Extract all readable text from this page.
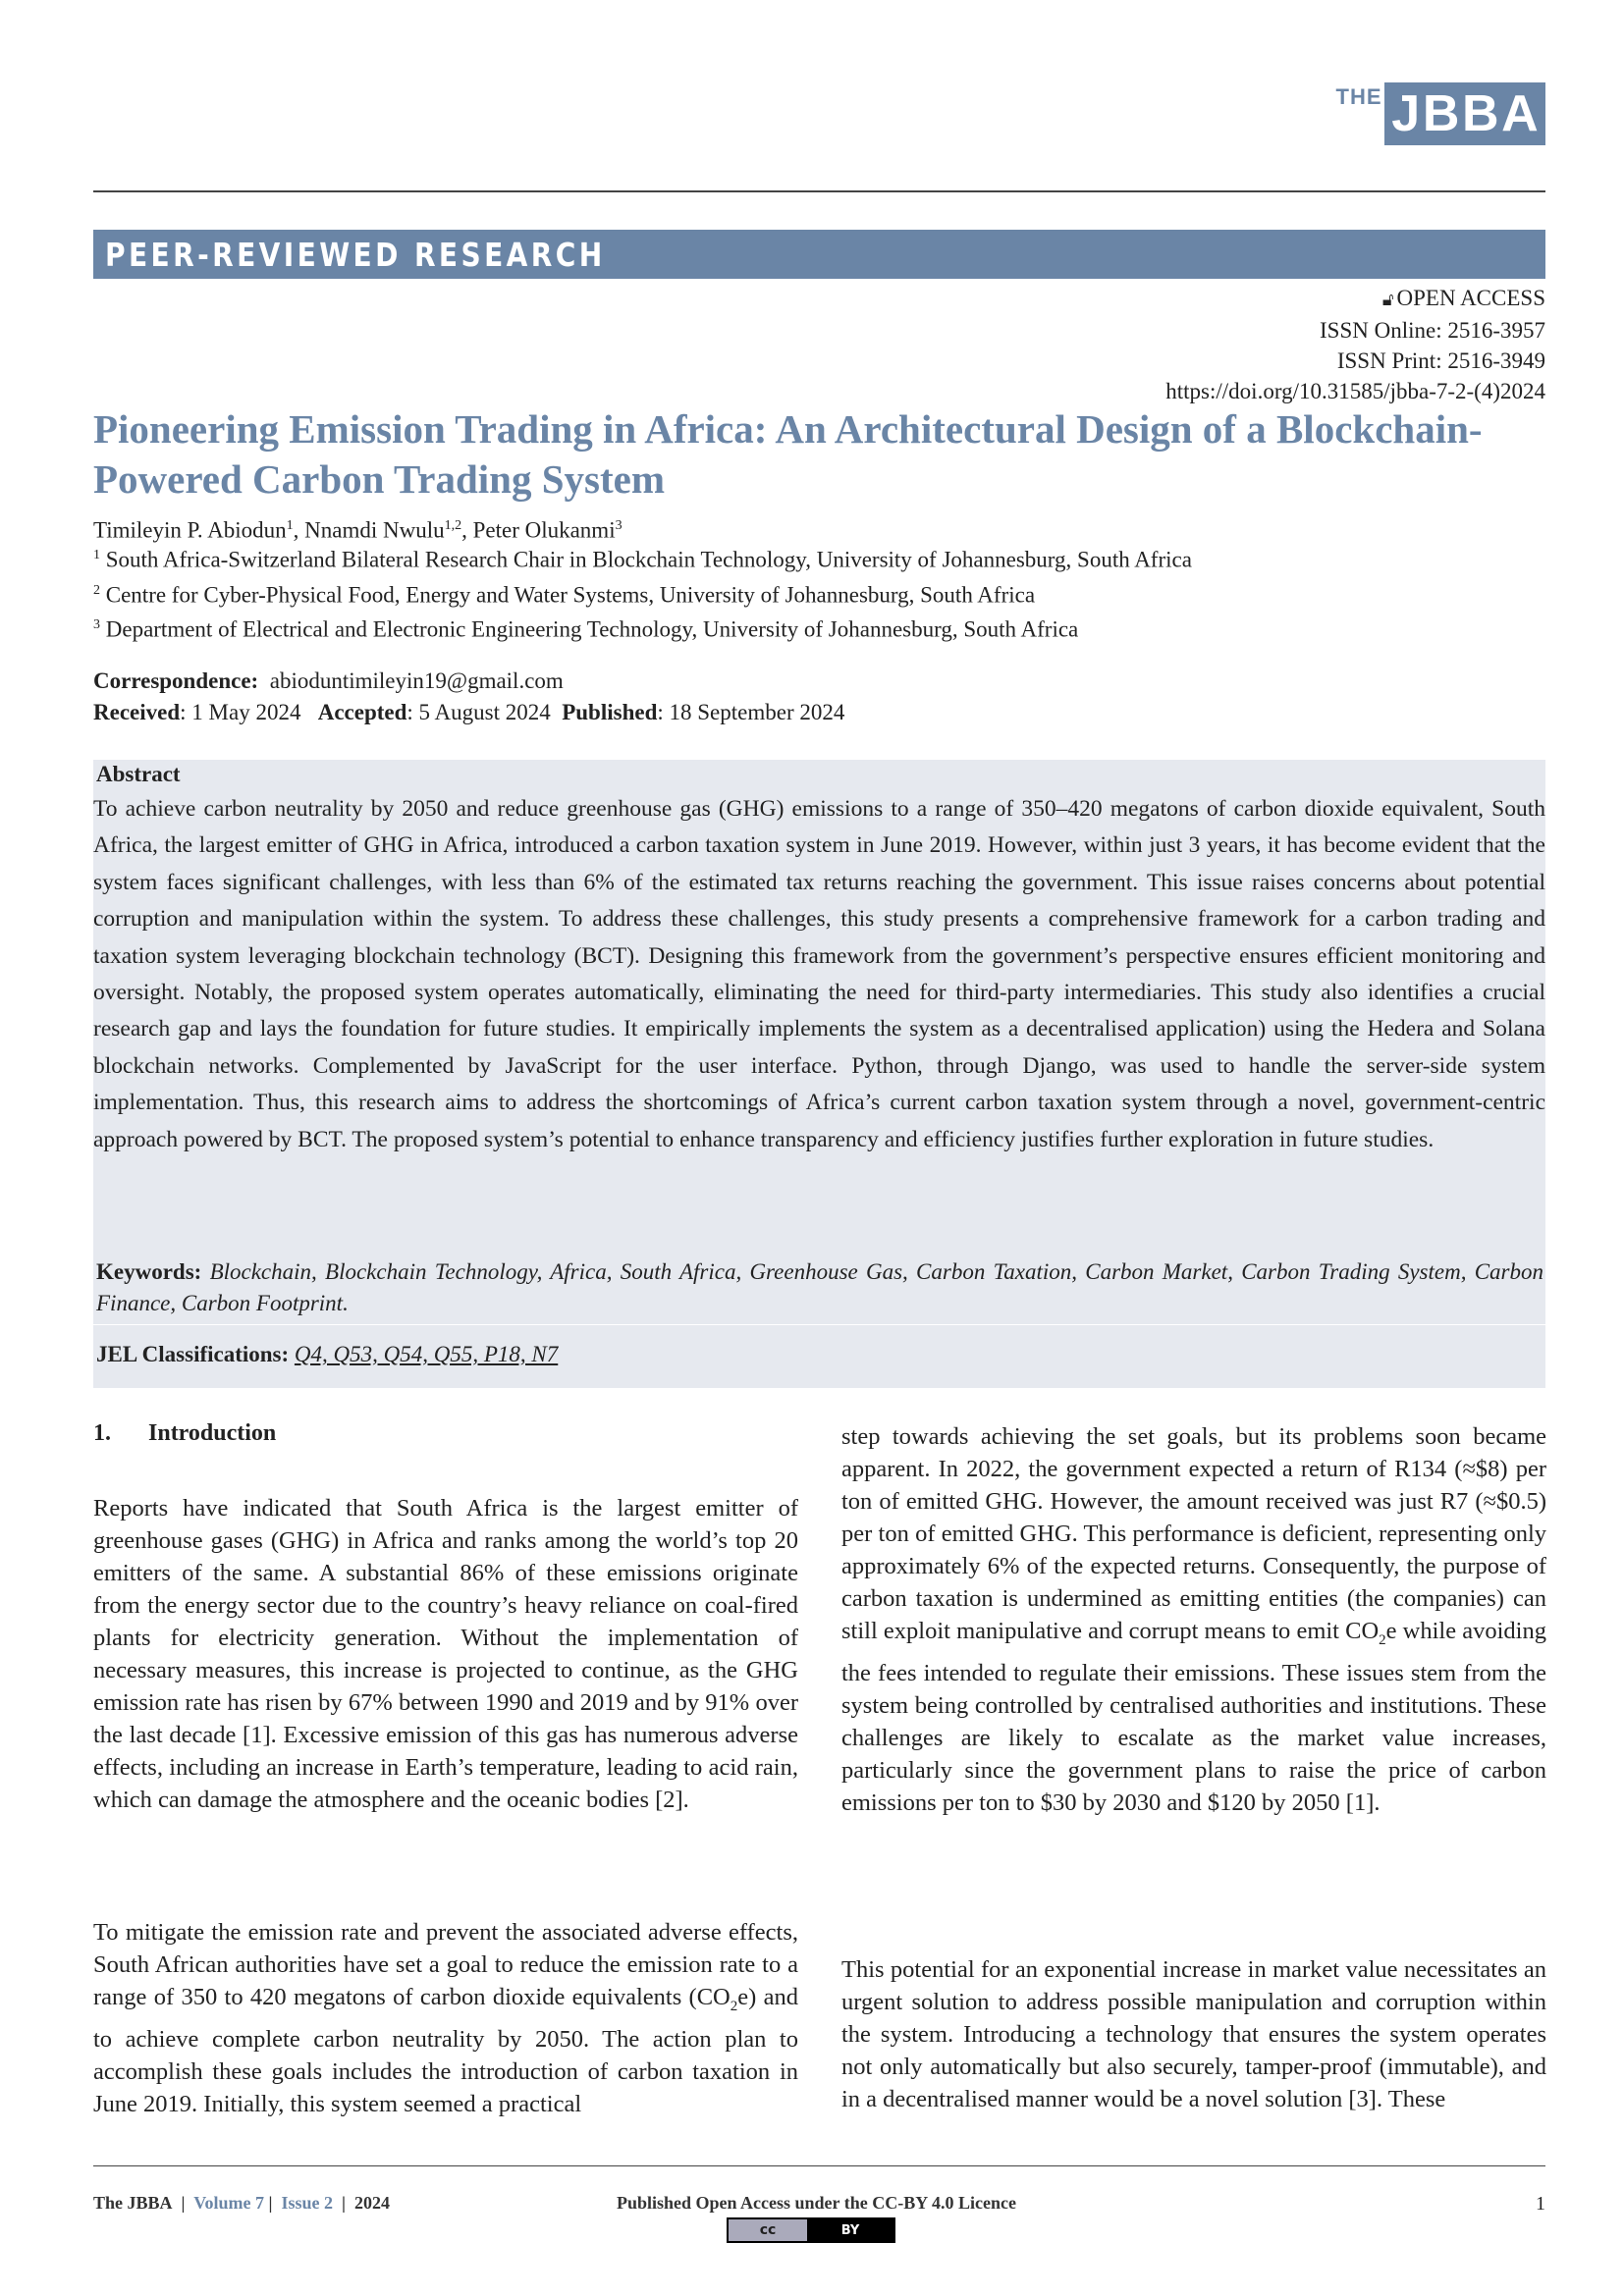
THE J B B A
PEER-REVIEWED RESEARCH
🔓︎ OPEN ACCESS
ISSN Online: 2516-3957
ISSN Print: 2516-3949
https://doi.org/10.31585/jbba-7-2-(4)2024
Pioneering Emission Trading in Africa: An Architectural Design of a Blockchain-Powered Carbon Trading System
Timileyin P. Abiodun$^1$, Nnamdi Nwulu$^{1,2}$, Peter Olukanmi$^3$
$^1$ South Africa-Switzerland Bilateral Research Chair in Blockchain Technology, University of Johannesburg, South Africa
$^2$ Centre for Cyber-Physical Food, Energy and Water Systems, University of Johannesburg, South Africa
$^3$ Department of Electrical and Electronic Engineering Technology, University of Johannesburg, South Africa
Correspondence: abioduntimileyin19@gmail.com
Received: 1 May 2024 Accepted: 5 August 2024 Published: 18 September 2024
Abstract
To achieve carbon neutrality by 2050 and reduce greenhouse gas (GHG) emissions to a range of 350–420 megatons of carbon dioxide equivalent, South Africa, the largest emitter of GHG in Africa, introduced a carbon taxation system in June 2019. However, within just 3 years, it has become evident that the system faces significant challenges, with less than 6% of the estimated tax returns reaching the government. This issue raises concerns about potential corruption and manipulation within the system. To address these challenges, this study presents a comprehensive framework for a carbon trading and taxation system leveraging blockchain technology (BCT). Designing this framework from the government’s perspective ensures efficient monitoring and oversight. Notably, the proposed system operates automatically, eliminating the need for third-party intermediaries. This study also identifies a crucial research gap and lays the foundation for future studies. It empirically implements the system as a decentralised application) using the Hedera and Solana blockchain networks. Complemented by JavaScript for the user interface. Python, through Django, was used to handle the server-side system implementation. Thus, this research aims to address the shortcomings of Africa’s current carbon taxation system through a novel, government-centric approach powered by BCT. The proposed system’s potential to enhance transparency and efficiency justifies further exploration in future studies.
Keywords: Blockchain, Blockchain Technology, Africa, South Africa, Greenhouse Gas, Carbon Taxation, Carbon Market, Carbon Trading System, Carbon Finance, Carbon Footprint.
JEL Classifications: Q4, Q53, Q54, Q55, P18, N7
1. Introduction

Reports have indicated that South Africa is the largest emitter of greenhouse gases (GHG) in Africa and ranks among the world’s top 20 emitters of the same. A substantial 86% of these emissions originate from the energy sector due to the country’s heavy reliance on coal-fired plants for electricity generation. Without the implementation of necessary measures, this increase is projected to continue, as the GHG emission rate has risen by 67% between 1990 and 2019 and by 91% over the last decade [1]. Excessive emission of this gas has numerous adverse effects, including an increase in Earth’s temperature, leading to acid rain, which can damage the atmosphere and the oceanic bodies [2].

To mitigate the emission rate and prevent the associated adverse effects, South African authorities have set a goal to reduce the emission rate to a range of 350 to 420 megatons of carbon dioxide equivalents $(CO_2e)$ and to achieve complete carbon neutrality by 2050. The action plan to accomplish these goals includes the introduction of carbon taxation in June 2019. Initially, this system seemed a practical

step towards achieving the set goals, but its problems soon became apparent. In 2022, the government expected a return of R134 (≈$8) per ton of emitted GHG. However, the amount received was just R7 (≈$0.5) per ton of emitted GHG. This performance is deficient, representing only approximately 6% of the expected returns. Consequently, the purpose of carbon taxation is undermined as emitting entities (the companies) can still exploit manipulative and corrupt means to emit $CO_2e$ while avoiding the fees intended to regulate their emissions. These issues stem from the system being controlled by centralised authorities and institutions. These challenges are likely to escalate as the market value increases, particularly since the government plans to raise the price of carbon emissions per ton to $30 by 2030 and $120 by 2050 [1].

This potential for an exponential increase in market value necessitates an urgent solution to address possible manipulation and corruption within the system. Introducing a technology that ensures the system operates not only automatically but also securely, tamper-proof (immutable), and in a decentralised manner would be a novel solution [3]. These

The JBBA | Volume 7 | Issue 2 | 2024	Published Open Access under the CC-BY 4.0 Licence	1
cc	BY
